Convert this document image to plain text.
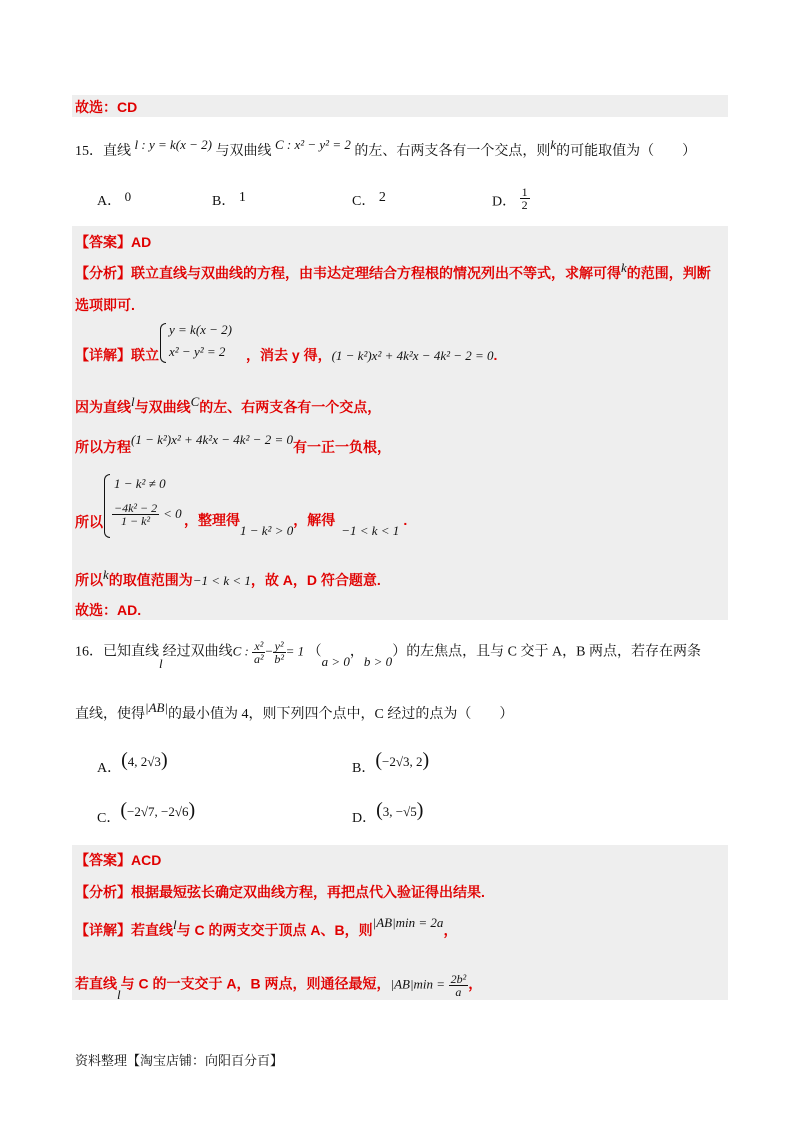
故选：CD
15．直线 l : y = k(x − 2) 与双曲线 C : x² − y² = 2 的左、右两支各有一个交点，则k的可能取值为（　　）
A． 0	B． 1	C． 2	D． $\frac{1}{2}$
【答案】AD
【分析】联立直线与双曲线的方程，由韦达定理结合方程根的情况列出不等式，求解可得k的范围，判断
选项即可.
【详解】联立
y = k(x − 2)
x² − y² = 2 ，消去 y 得，(1 − k²)x² + 4k²x − 4k² − 2 = 0.
因为直线l与双曲线C的左、右两支各有一个交点，
所以方程(1 − k²)x² + 4k²x − 4k² − 2 = 0有一正一负根，
所以
1 − k² ≠ 0
$\frac{\text{−4k² − 2}}{\text{1 − k²}} < 0$ ，整理得1 − k² > 0，解得−1 < k < 1.
所以k的取值范围为−1 < k < 1，故 A，D 符合题意.
故选：AD.
16．已知直线l经过双曲线C : $\frac{\text{x²}}{\text{a²}} - \frac{\text{y²}}{\text{b²}} = 1$ （a > 0，b > 0）的左焦点，且与 C 交于 A，B 两点，若存在两条
直线，使得|AB|的最小值为 4，则下列四个点中，C 经过的点为（　　）
A．(4, 2√3)	B．(−2√3, 2)
C．(−2√7, −2√6)	D．(3, −√5)
【答案】ACD
【分析】根据最短弦长确定双曲线方程，再把点代入验证得出结果.
【详解】若直线l与 C 的两支交于顶点 A、B，则|AB|min = 2a，
若直线l与 C 的一支交于 A，B 两点，则通径最短，$|AB|\min = \frac{\text{2b²}}{a}$ ，
资料整理【淘宝店铺：向阳百分百】
